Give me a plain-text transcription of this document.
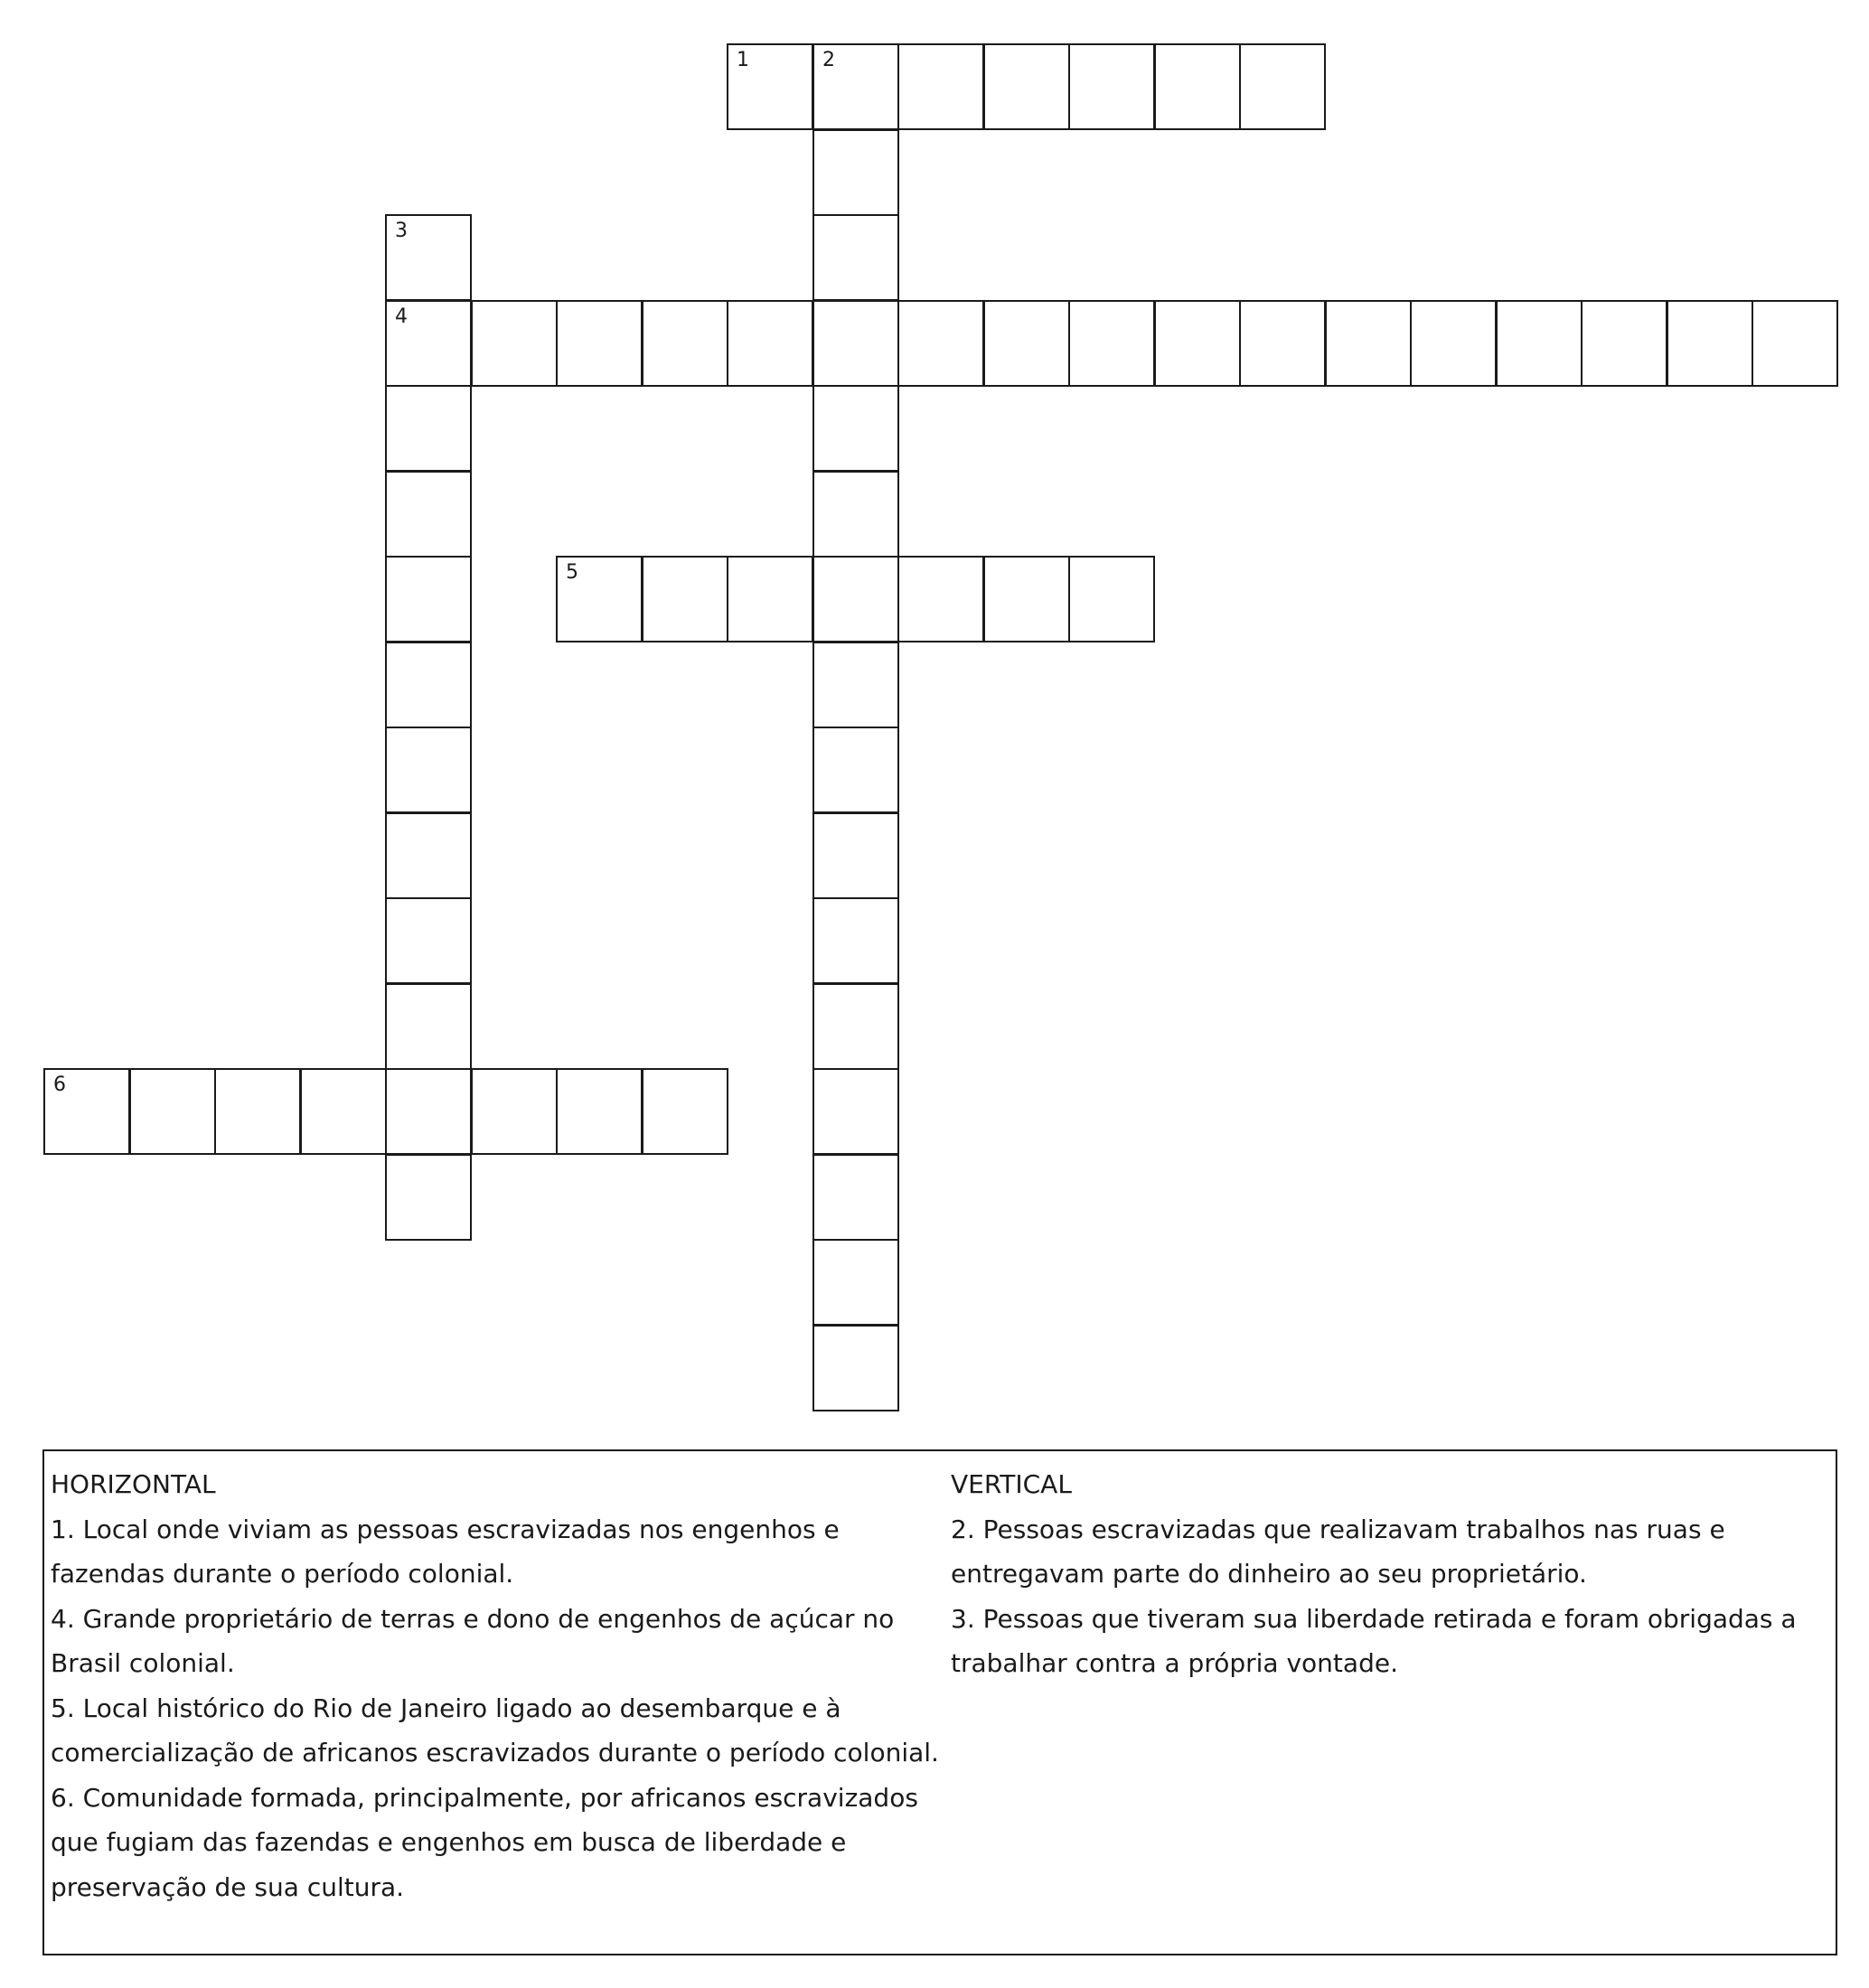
1	2
3
4
5
6
HORIZONTAL

1. Local onde viviam as pessoas escravizadas nos engenhos e fazendas durante o período colonial.

4. Grande proprietário de terras e dono de engenhos de açúcar no Brasil colonial.

5. Local histórico do Rio de Janeiro ligado ao desembarque e à comercialização de africanos escravizados durante o período colonial.

6. Comunidade formada, principalmente, por africanos escravizados que fugiam das fazendas e engenhos em busca de liberdade e preservação de sua cultura.

VERTICAL

2. Pessoas escravizadas que realizavam trabalhos nas ruas e entregavam parte do dinheiro ao seu proprietário.

3. Pessoas que tiveram sua liberdade retirada e foram obrigadas a trabalhar contra a própria vontade.
